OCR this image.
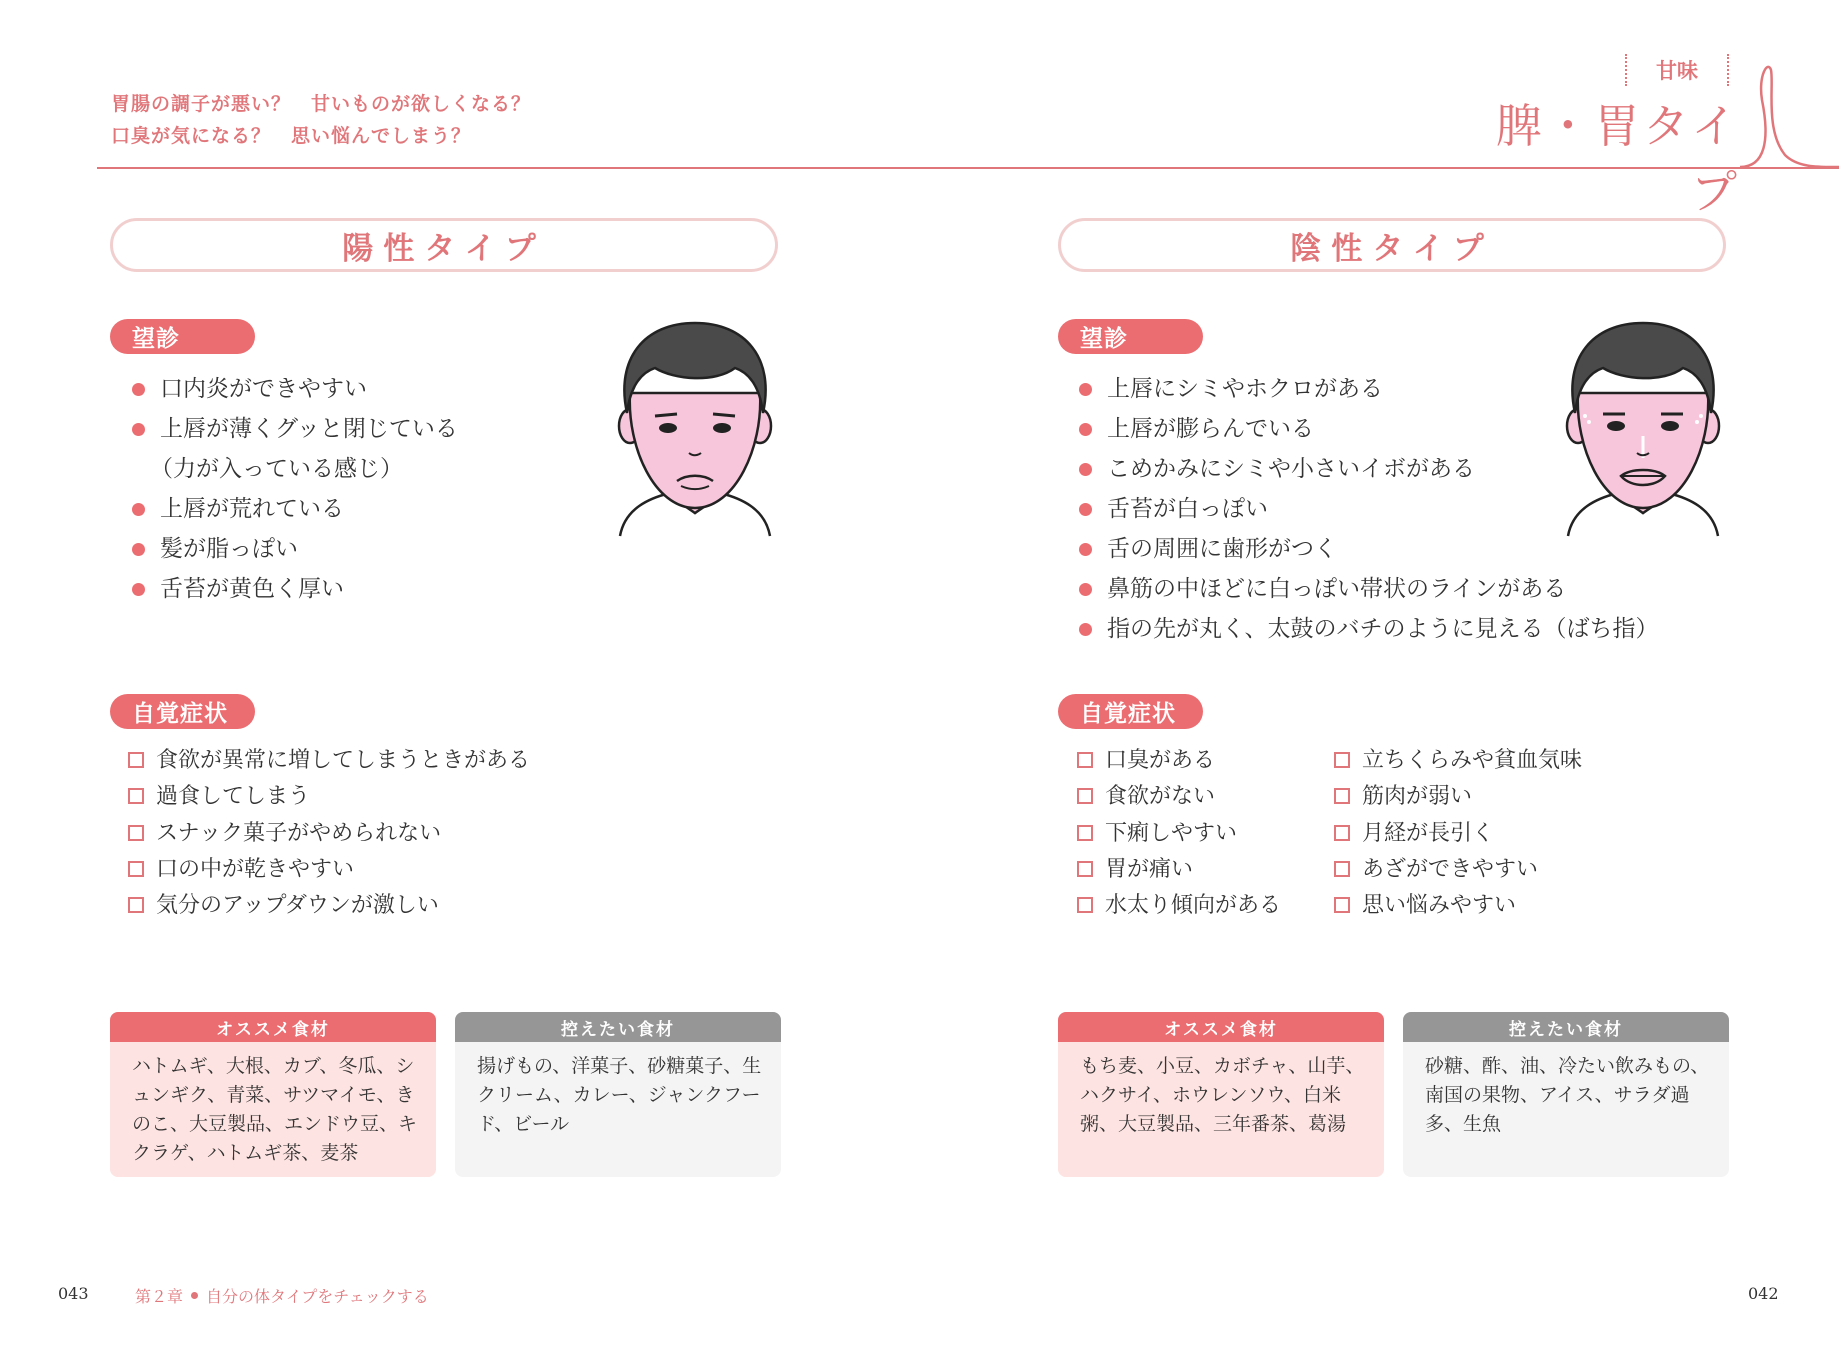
胃腸の調子が悪い？　甘いものが欲しくなる？
口臭が気になる？　思い悩んでしまう？
甘味
脾・胃タイプ
陽性タイプ
望診
口内炎ができやすい
上唇が薄くグッと閉じている
（力が入っている感じ）
上唇が荒れている
髪が脂っぽい
舌苔が黄色く厚い
自覚症状
食欲が異常に増してしまうときがある
過食してしまう
スナック菓子がやめられない
口の中が乾きやすい
気分のアップダウンが激しい
オススメ食材
ハトムギ、大根、カブ、冬瓜、シュンギク、青菜、サツマイモ、きのこ、大豆製品、エンドウ豆、キクラゲ、ハトムギ茶、麦茶
控えたい食材
揚げもの、洋菓子、砂糖菓子、生クリーム、カレー、ジャンクフード、ビール
陰性タイプ
望診
上唇にシミやホクロがある
上唇が膨らんでいる
こめかみにシミや小さいイボがある
舌苔が白っぽい
舌の周囲に歯形がつく
鼻筋の中ほどに白っぽい帯状のラインがある
指の先が丸く、太鼓のバチのように見える（ばち指）
自覚症状
口臭がある
食欲がない
下痢しやすい
胃が痛い
水太り傾向がある
立ちくらみや貧血気味
筋肉が弱い
月経が長引く
あざができやすい
思い悩みやすい
オススメ食材
もち麦、小豆、カボチャ、山芋、ハクサイ、ホウレンソウ、白米粥、大豆製品、三年番茶、葛湯
控えたい食材
砂糖、酢、油、冷たい飲みもの、南国の果物、アイス、サラダ過多、生魚
043	第２章 自分の体タイプをチェックする	042
